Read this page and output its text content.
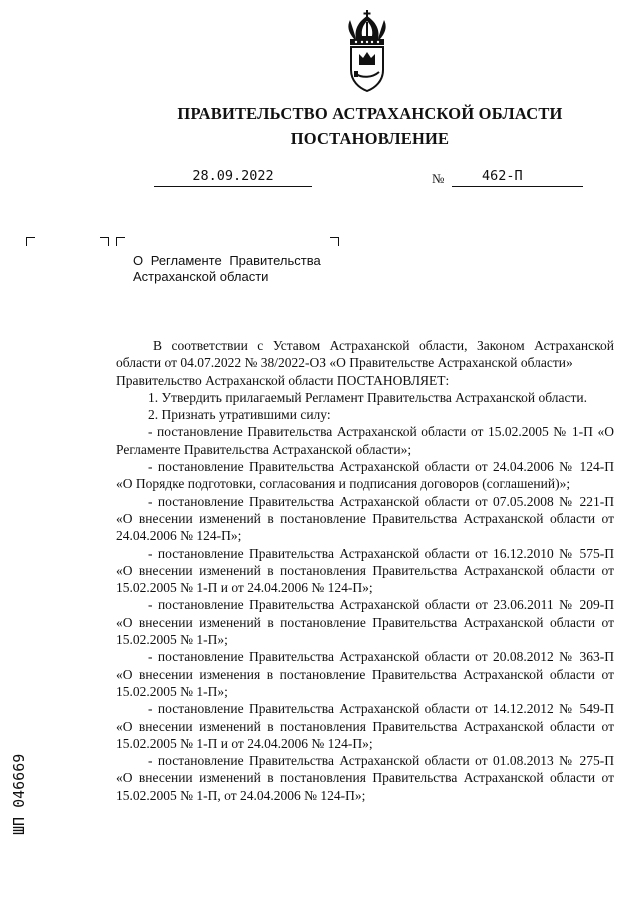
ПРАВИТЕЛЬСТВО АСТРАХАНСКОЙ ОБЛАСТИ
ПОСТАНОВЛЕНИЕ
28.09.2022	№	462-П
О Регламенте Правительства
Астраханской области

В соответствии с Уставом Астраханской области, Законом Астраханской области от 04.07.2022 № 38/2022-ОЗ «О Правительстве Астраханской области»

Правительство Астраханской области ПОСТАНОВЛЯЕТ:

1. Утвердить прилагаемый Регламент Правительства Астраханской области.

2. Признать утратившими силу:

- постановление Правительства Астраханской области от 15.02.2005 № 1-П «О Регламенте Правительства Астраханской области»;

- постановление Правительства Астраханской области от 24.04.2006 № 124-П «О Порядке подготовки, согласования и подписания договоров (соглашений)»;

- постановление Правительства Астраханской области от 07.05.2008 № 221-П «О внесении изменений в постановление Правительства Астраханской области от 24.04.2006 № 124-П»;

- постановление Правительства Астраханской области от 16.12.2010 № 575-П «О внесении изменений в постановления Правительства Астраханской области от 15.02.2005 № 1-П и от 24.04.2006 № 124-П»;

- постановление Правительства Астраханской области от 23.06.2011 № 209-П «О внесении изменений в постановление Правительства Астраханской области от 15.02.2005 № 1-П»;

- постановление Правительства Астраханской области от 20.08.2012 № 363-П «О внесении изменения в постановление Правительства Астраханской области от 15.02.2005 № 1-П»;

- постановление Правительства Астраханской области от 14.12.2012 № 549-П «О внесении изменений в постановления Правительства Астраханской области от 15.02.2005 № 1-П и от 24.04.2006 № 124-П»;

- постановление Правительства Астраханской области от 01.08.2013 № 275-П «О внесении изменений в постановления Правительства Астраханской области от 15.02.2005 № 1-П, от 24.04.2006 № 124-П»;

ШП 046669
